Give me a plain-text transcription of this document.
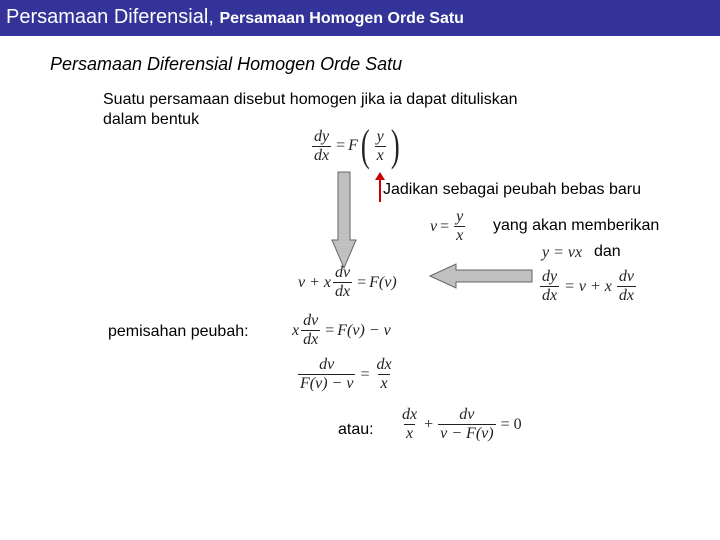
Persamaan Diferensial, Persamaan Homogen Orde Satu
Persamaan Diferensial Homogen Orde Satu
Suatu persamaan disebut homogen jika ia dapat dituliskan
dalam bentuk
$\frac{dy}{dx} = F$ ( $\frac{y}{x}$ )
Jadikan sebagai peubah bebas baru
$v = \frac{y}{x}$ yang akan memberikan
y = vx dan
$\frac{dy}{dx} = v + x \frac{dv}{dx}$
v + x $\frac{dv}{dx} = F(v)$
pemisahan peubah:	x $\frac{dv}{dx} = F(v) - v$
$\frac{dv}{F(v) - v} = \frac{dx}{x}$
atau: $\frac{dx}{x} + \frac{dv}{v - F(v)} = 0$
